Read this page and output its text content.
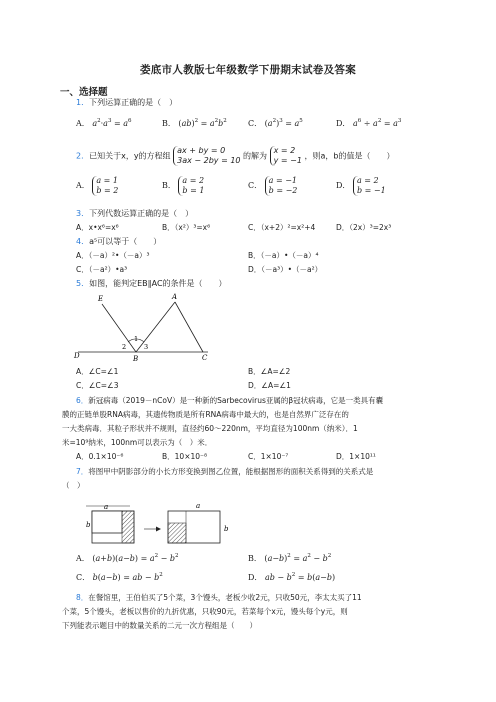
娄底市人教版七年级数学下册期末试卷及答案
一、选择题
1．下列运算正确的是（　）
A． $a^2\cdot a^3 = a^6$	B． $(ab)^2 = a^2b^2$	C． $(a^2)^3 = a^5$	D． $a^6 \div a^2 = a^3$
2．已知关于x，y的方程组 ax + by = 0
3ax − 2by = 10 的解为 x = 2
y = −1 ，则a，b的值是（　　）
A． a = 1
b = 2
B． a = 2
b = 1
C． a = −1
b = −2
D． a = 2
b = −1
3．下列代数运算正确的是（　）
A．x•x⁶=x⁶	B．（x²）³=x⁶	C．（x+2）²=x²+4	D．（2x）³=2x³
4．a⁵可以等于（　　）
A．（－a）²•（－a）³	B．（－a）•（－a）⁴
C．（－a²）•a³	D．（－a³）•（－a²）
5．如图，能判定EB∥AC的条件是（　　）
E	A
D	B	C
1
2	3
A．∠C=∠1	B．∠A=∠2
C．∠C=∠3	D．∠A=∠1
6．新冠病毒（2019－nCoV）是一种新的Sarbecovirus亚属的β冠状病毒，它是一类具有囊
膜的正链单股RNA病毒，其遗传物质是所有RNA病毒中最大的，也是自然界广泛存在的
一大类病毒．其粒子形状并不规则，直径约60～220nm，平均直径为100nm（纳米）．1
米=10⁹纳米，100nm可以表示为（　）米．
A．0.1×10⁻⁶	B．10×10⁻⁸	C．1×10⁻⁷	D．1×10¹¹
7．将图甲中阴影部分的小长方形变换到图乙位置，能根据图形的面积关系得到的关系式是
（　）
a
b
a
b
A． $(a+b)(a-b) = a^2 - b^2$	B． $(a-b)^2 = a^2 - b^2$
C． b(a−b) = ab − $b^2$	D． ab − $b^2 = b(a-b)$
8．在餐馆里，王伯伯买了5个菜，3个馒头，老板少收2元，只收50元，李太太买了11
个菜，5个馒头，老板以售价的九折优惠，只收90元，若菜每个x元，馒头每个y元，则
下列能表示题目中的数量关系的二元一次方程组是（　　）
